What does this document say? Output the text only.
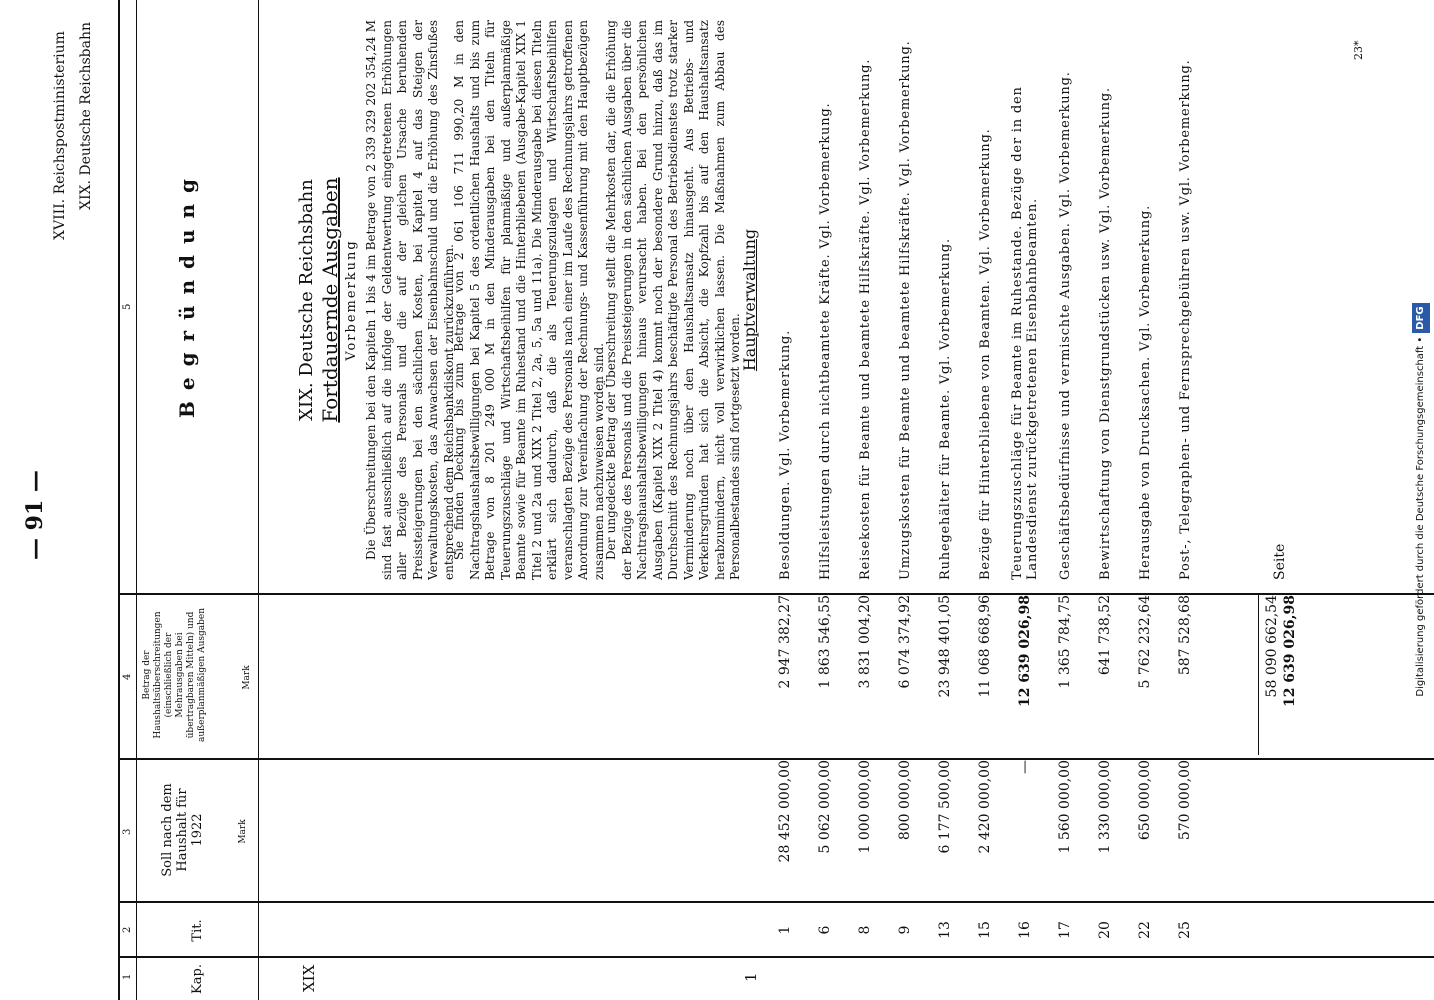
— 91 —
XVIII. Reichspostministerium XIX. Deutsche Reichsbahn
1
2
3
4
5
Kap.
Tit.
Soll nach dem Haushalt für 1922	Mark
Betrag der Haushaltsüberschreitungen (einschließlich der Mehrausgaben bei übertragbaren Mitteln) und außerplanmäßigen Ausgaben	Mark
B e g r ü n d u n g
XIX
XIX. Deutsche Reichsbahn Fortdauernde Ausgaben Vorbemerkung Die Überschreitungen bei den Kapiteln 1 bis 4 im Betrage von 2 339 329 202 354,24 M sind fast ausschließlich auf die infolge der Geldentwertung eingetretenen Erhöhungen aller Bezüge des Personals und die auf der gleichen Ursache beruhenden Preissteigerungen bei den sächlichen Kosten, bei Kapitel 4 auf das Steigen der Verwaltungskosten, das Anwachsen der Eisenbahnschuld und die Erhöhung des Zinsfußes entsprechend dem Reichsbankdiskont zurückzuführen.
Sie finden Deckung bis zum Betrage von 2 061 106 711 990,20 M in den Nachtragshaushaltsbewilligungen bei Kapitel 5 des ordentlichen Haushalts und bis zum Betrage von 8 201 249 000 M in den Minderausgaben bei den Titeln für Teuerungszuschläge und Wirtschaftsbeihilfen für planmäßige und außerplanmäßige Beamte sowie für Beamte im Ruhestand und die Hinterbliebenen (Ausgabe-Kapitel XIX 1 Titel 2 und 2a und XIX 2 Titel 2, 2a, 5, 5a und 11a). Die Minderausgabe bei diesen Titeln erklärt sich dadurch, daß die als Teuerungszulagen und Wirtschaftsbeihilfen veranschlagten Bezüge des Personals nach einer im Laufe des Rechnungsjahrs getroffenen Anordnung zur Vereinfachung der Rechnungs- und Kassenführung mit den Hauptbezügen zusammen nachzuweisen worden sind.
Der ungedeckte Betrag der Überschreitung stellt die Mehrkosten dar, die die Erhöhung der Bezüge des Personals und die Preissteigerungen in den sächlichen Ausgaben über die Nachtragshaushaltsbewilligungen hinaus verursacht haben. Bei den persönlichen Ausgaben (Kapitel XIX 2 Titel 4) kommt noch der besondere Grund hinzu, daß das im Durchschnitt des Rechnungsjahrs beschäftigte Personal des Betriebsdienstes trotz starker Verminderung noch über den Haushaltsansatz hinausgeht. Aus Betriebs- und Verkehrsgründen hat sich die Absicht, die Kopfzahl bis auf den Haushaltsansatz herabzumindern, nicht voll verwirklichen lassen. Die Maßnahmen zum Abbau des Personalbestandes sind fortgesetzt worden.
1
Hauptverwaltung
1
28 452 000,00
2 947 382,27
Besoldungen. Vgl. Vorbemerkung.
6
5 062 000,00
1 863 546,55
Hilfsleistungen durch nichtbeamtete Kräfte. Vgl. Vorbemerkung.
8
1 000 000,00
3 831 004,20
Reisekosten für Beamte und beamtete Hilfskräfte. Vgl. Vorbemerkung.
9
800 000,00
6 074 374,92
Umzugskosten für Beamte und beamtete Hilfskräfte. Vgl. Vorbemerkung.
13
6 177 500,00
23 948 401,05
Ruhegehälter für Beamte. Vgl. Vorbemerkung.
15
2 420 000,00
11 068 668,96
Bezüge für Hinterbliebene von Beamten. Vgl. Vorbemerkung.
16
—
12 639 026,98
Teuerungszuschläge für Beamte im Ruhestande. Bezüge der in den Landesdienst zurückgetretenen Eisenbahnbeamten.
17
1 560 000,00
1 365 784,75
Geschäftsbedürfnisse und vermischte Ausgaben. Vgl. Vorbemerkung.
20
1 330 000,00
641 738,52
Bewirtschaftung von Dienstgrundstücken usw. Vgl. Vorbemerkung.
22
650 000,00
5 762 232,64
Herausgabe von Drucksachen. Vgl. Vorbemerkung.
25
570 000,00
587 528,68
Post-, Telegraphen- und Fernsprechgebühren usw. Vgl. Vorbemerkung.
58 090 662,54 12 639 026,98
Seite
23*
Digitalisierung gefördert durch die Deutsche Forschungsgemeinschaft •DFG
